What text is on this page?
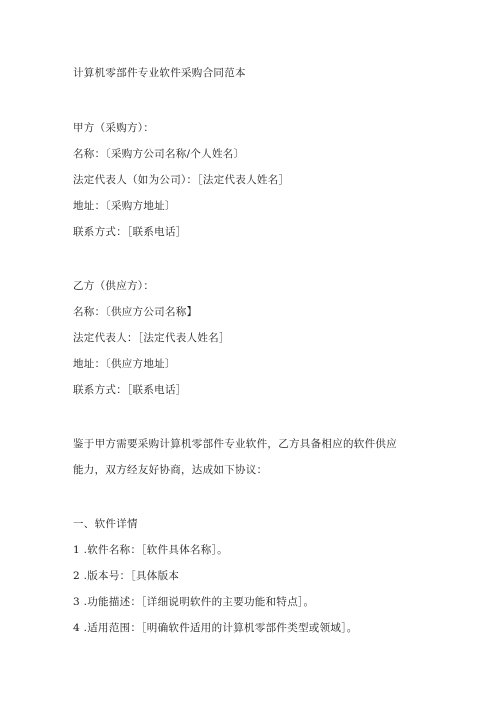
计算机零部件专业软件采购合同范本
甲方（采购方）：
名称：〔采购方公司名称/个人姓名〕
法定代表人（如为公司）：［法定代表人姓名］
地址：〔采购方地址〕
联系方式：［联系电话］
乙方（供应方）：
名称：〔供应方公司名称】
法定代表人：［法定代表人姓名］
地址：〔供应方地址〕
联系方式：［联系电话］
鉴于甲方需要采购计算机零部件专业软件，乙方具备相应的软件供应
能力，双方经友好协商，达成如下协议：
一、软件详情
1 .软件名称：［软件具体名称］。
2 .版本号：［具体版本
3 .功能描述：［详细说明软件的主要功能和特点］。
4 .适用范围：［明确软件适用的计算机零部件类型或领域］。
